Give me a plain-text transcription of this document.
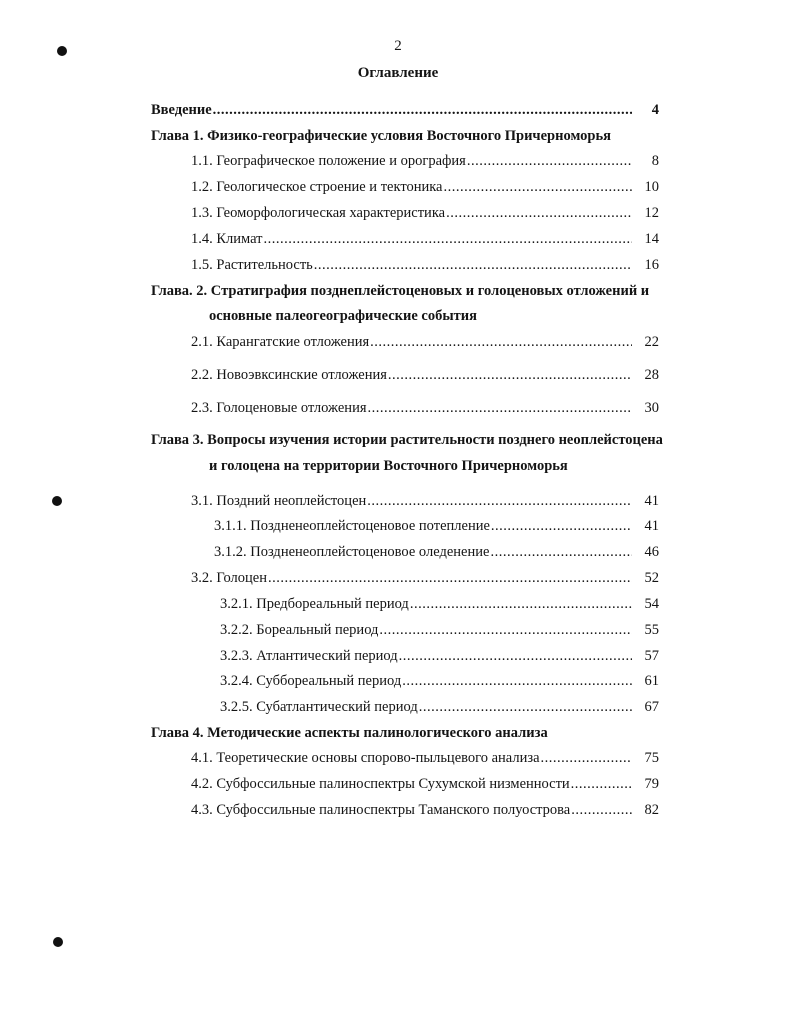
2
Оглавление
Введение .....	4
Глава 1. Физико-географические условия Восточного Причерноморья
1.1. Географическое положение и орография .....	8
1.2. Геологическое строение и тектоника .....	10
1.3. Геоморфологическая характеристика .....	12
1.4. Климат .....	14
1.5. Растительность .....	16
Глава. 2. Стратиграфия позднеплейстоценовых и голоценовых отложений и
основные палеогеографические события
2.1. Карангатские отложения .....	22
2.2. Новоэвксинские отложения .....	28
2.3. Голоценовые отложения .....	30
Глава 3. Вопросы изучения истории растительности позднего неоплейстоцена
и голоцена на территории Восточного Причерноморья
3.1. Поздний неоплейстоцен .....	41
3.1.1. Поздненеоплейстоценовое потепление .....	41
3.1.2. Поздненеоплейстоценовое оледенение .....	46
3.2. Голоцен .....	52
3.2.1. Предбореальный период .....	54
3.2.2. Бореальный период .....	55
3.2.3. Атлантический период .....	57
3.2.4. Суббореальный период .....	61
3.2.5. Субатлантический период .....	67
Глава 4. Методические аспекты палинологического анализа
4.1. Теоретические основы спорово-пыльцевого анализа .....	75
4.2. Субфоссильные палиноспектры Сухумской низменности .....	79
4.3. Субфоссильные палиноспектры Таманского полуострова .....	82
